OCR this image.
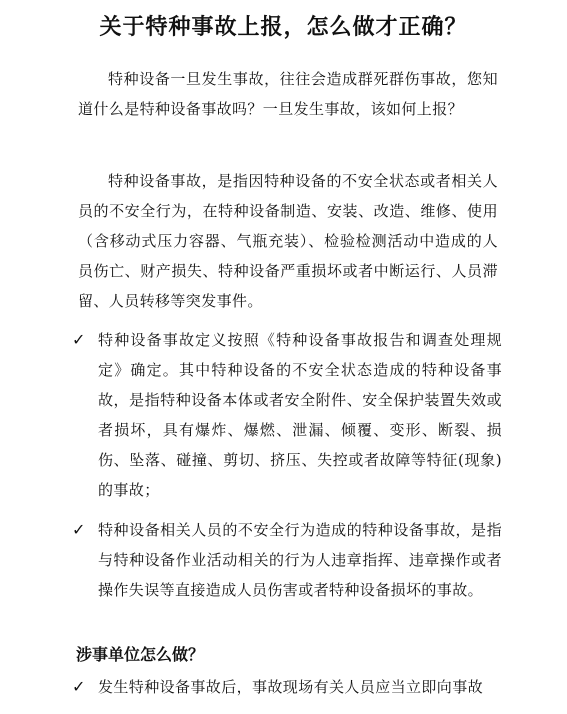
关于特种事故上报，怎么做才正确？
特种设备一旦发生事故，往往会造成群死群伤事故，您知道什么是特种设备事故吗？一旦发生事故，该如何上报？
特种设备事故，是指因特种设备的不安全状态或者相关人员的不安全行为，在特种设备制造、安装、改造、维修、使用（含移动式压力容器、气瓶充装）、检验检测活动中造成的人员伤亡、财产损失、特种设备严重损坏或者中断运行、人员滞留、人员转移等突发事件。
✓ 特种设备事故定义按照《特种设备事故报告和调查处理规定》确定。其中特种设备的不安全状态造成的特种设备事故，是指特种设备本体或者安全附件、安全保护装置失效或者损坏，具有爆炸、爆燃、泄漏、倾覆、变形、断裂、损伤、坠落、碰撞、剪切、挤压、失控或者故障等特征(现象)的事故；
✓ 特种设备相关人员的不安全行为造成的特种设备事故，是指与特种设备作业活动相关的行为人违章指挥、违章操作或者操作失误等直接造成人员伤害或者特种设备损坏的事故。
涉事单位怎么做？
✓ 发生特种设备事故后，事故现场有关人员应当立即向事故
